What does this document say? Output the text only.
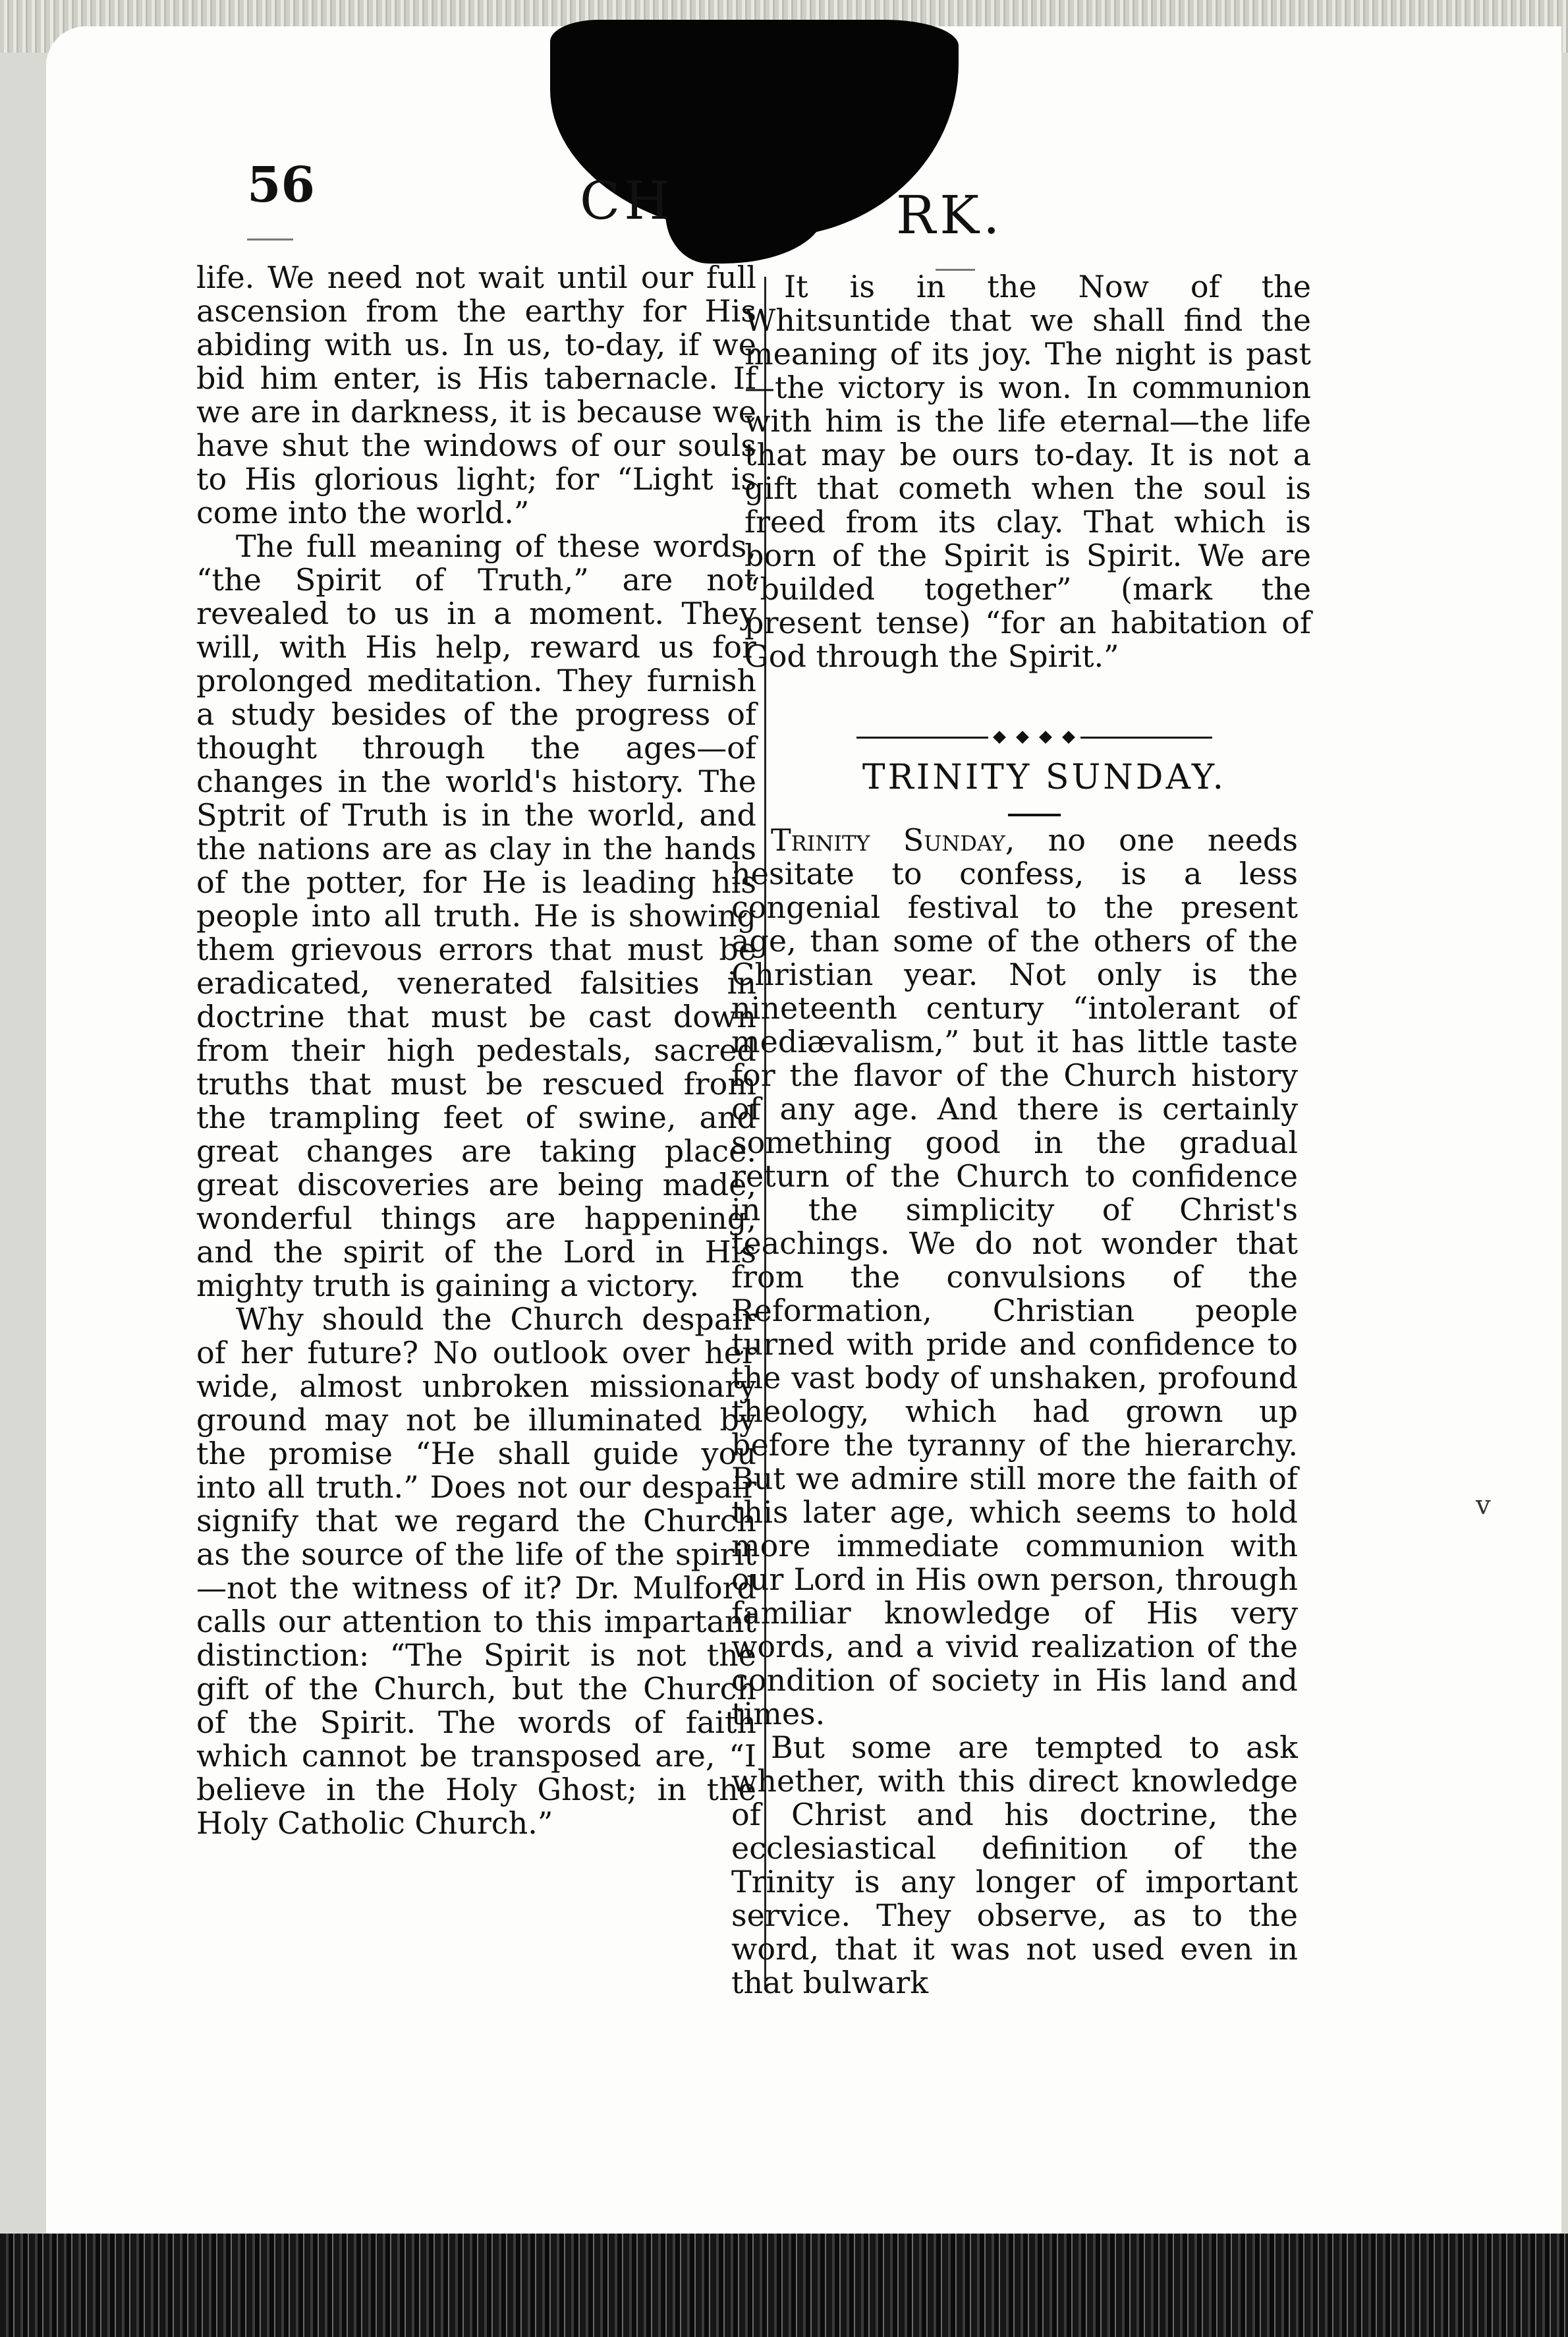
56	CH	RK.

life. We need not wait until our full ascension from the earthy for His abiding with us. In us, to-day, if we bid him enter, is His tabernacle. If we are in darkness, it is because we have shut the windows of our souls to His glorious light; for “Light is come into the world.”

The full meaning of these words, “the Spirit of Truth,” are not revealed to us in a moment. They will, with His help, reward us for prolonged meditation. They furnish a study besides of the progress of thought through the ages—of changes in the world's history. The Sptrit of Truth is in the world, and the nations are as clay in the hands of the potter, for He is leading his people into all truth. He is showing them grievous errors that must be eradicated, venerated falsities in doctrine that must be cast down from their high pedestals, sacred truths that must be rescued from the trampling feet of swine, and great changes are taking place. great discoveries are being made, wonderful things are happening, and the spirit of the Lord in His mighty truth is gaining a victory.

Why should the Church despair of her future? No outlook over her wide, almost unbroken missionary ground may not be illuminated by the promise “He shall guide you into all truth.” Does not our despair signify that we regard the Church as the source of the life of the spirit—not the witness of it? Dr. Mulford calls our attention to this impartant distinction: “The Spirit is not the gift of the Church, but the Church of the Spirit. The words of faith which cannot be transposed are, “I believe in the Holy Ghost; in the Holy Catholic Church.”

It is in the Now of the Whitsuntide that we shall find the meaning of its joy. The night is past—the victory is won. In communion with him is the life eternal—the life that may be ours to-day. It is not a gift that cometh when the soul is freed from its clay. That which is born of the Spirit is Spirit. We are “builded together” (mark the present tense) “for an habitation of God through the Spirit.”

TRINITY SUNDAY.

Trinity Sunday, no one needs hesitate to confess, is a less congenial festival to the present age, than some of the others of the Christian year. Not only is the nineteenth century “intolerant of mediævalism,” but it has little taste for the flavor of the Church history of any age. And there is certainly something good in the gradual return of the Church to confidence in the simplicity of Christ's teachings. We do not wonder that from the convulsions of the Reformation, Christian people turned with pride and confidence to the vast body of unshaken, profound theology, which had grown up before the tyranny of the hierarchy. But we admire still more the faith of this later age, which seems to hold more immediate communion with our Lord in His own person, through familiar knowledge of His very words, and a vivid realization of the condition of society in His land and times.

But some are tempted to ask whether, with this direct knowledge of Christ and his doctrine, the ecclesiastical definition of the Trinity is any longer of important service. They observe, as to the word, that it was not used even in that bulwark

v
